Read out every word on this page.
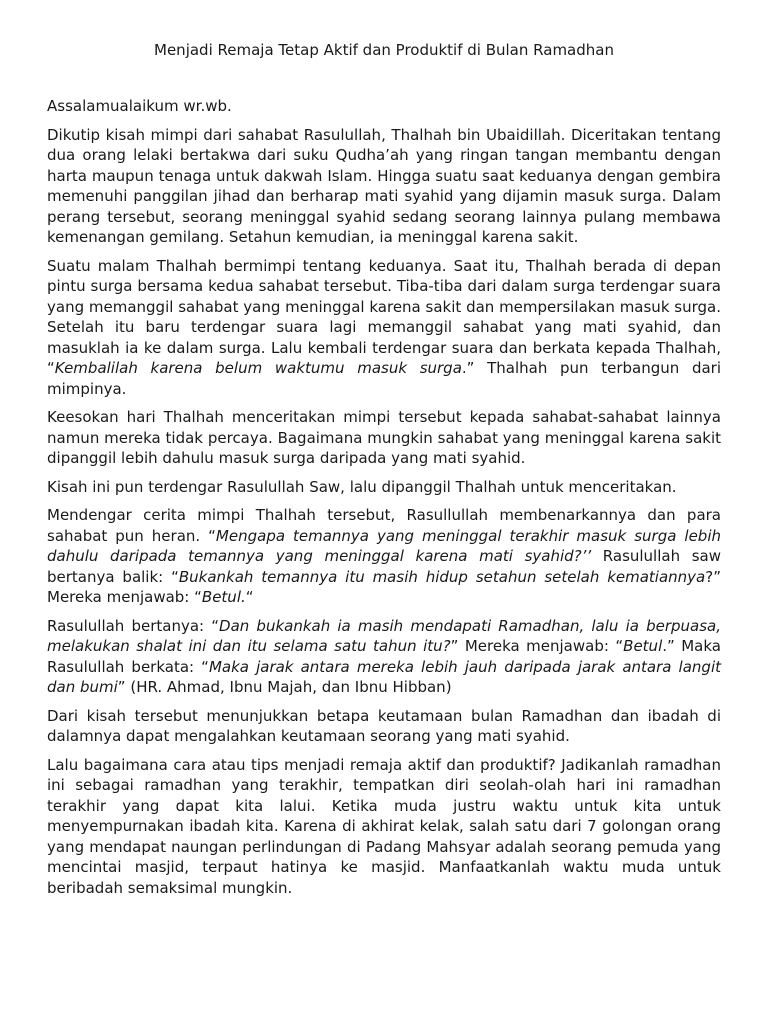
Menjadi Remaja Tetap Aktif dan Produktif di Bulan Ramadhan
Assalamualaikum wr.wb.

Dikutip kisah mimpi dari sahabat Rasulullah, Thalhah bin Ubaidillah. Diceritakan tentang dua orang lelaki bertakwa dari suku Qudha’ah yang ringan tangan membantu dengan harta maupun tenaga untuk dakwah Islam. Hingga suatu saat keduanya dengan gembira memenuhi panggilan jihad dan berharap mati syahid yang dijamin masuk surga. Dalam perang tersebut, seorang meninggal syahid sedang seorang lainnya pulang membawa kemenangan gemilang. Setahun kemudian, ia meninggal karena sakit.

Suatu malam Thalhah bermimpi tentang keduanya. Saat itu, Thalhah berada di depan pintu surga bersama kedua sahabat tersebut. Tiba-tiba dari dalam surga terdengar suara yang memanggil sahabat yang meninggal karena sakit dan mempersilakan masuk surga. Setelah itu baru terdengar suara lagi memanggil sahabat yang mati syahid, dan masuklah ia ke dalam surga. Lalu kembali terdengar suara dan berkata kepada Thalhah, “Kembalilah karena belum waktumu masuk surga.” Thalhah pun terbangun dari mimpinya.

Keesokan hari Thalhah menceritakan mimpi tersebut kepada sahabat-sahabat lainnya namun mereka tidak percaya. Bagaimana mungkin sahabat yang meninggal karena sakit dipanggil lebih dahulu masuk surga daripada yang mati syahid.

Kisah ini pun terdengar Rasulullah Saw, lalu dipanggil Thalhah untuk menceritakan.

Mendengar cerita mimpi Thalhah tersebut, Rasullullah membenarkannya dan para sahabat pun heran. “Mengapa temannya yang meninggal terakhir masuk surga lebih dahulu daripada temannya yang meninggal karena mati syahid?’’ Rasulullah saw bertanya balik: “Bukankah temannya itu masih hidup setahun setelah kematiannya?” Mereka menjawab: “Betul.“

Rasulullah bertanya: “Dan bukankah ia masih mendapati Ramadhan, lalu ia berpuasa, melakukan shalat ini dan itu selama satu tahun itu?” Mereka menjawab: “Betul.” Maka Rasulullah berkata: “Maka jarak antara mereka lebih jauh daripada jarak antara langit dan bumi” (HR. Ahmad, Ibnu Majah, dan Ibnu Hibban)

Dari kisah tersebut menunjukkan betapa keutamaan bulan Ramadhan dan ibadah di dalamnya dapat mengalahkan keutamaan seorang yang mati syahid.

Lalu bagaimana cara atau tips menjadi remaja aktif dan produktif? Jadikanlah ramadhan ini sebagai ramadhan yang terakhir, tempatkan diri seolah-olah hari ini ramadhan terakhir yang dapat kita lalui. Ketika muda justru waktu untuk kita untuk menyempurnakan ibadah kita. Karena di akhirat kelak, salah satu dari 7 golongan orang yang mendapat naungan perlindungan di Padang Mahsyar adalah seorang pemuda yang mencintai masjid, terpaut hatinya ke masjid. Manfaatkanlah waktu muda untuk beribadah semaksimal mungkin.
